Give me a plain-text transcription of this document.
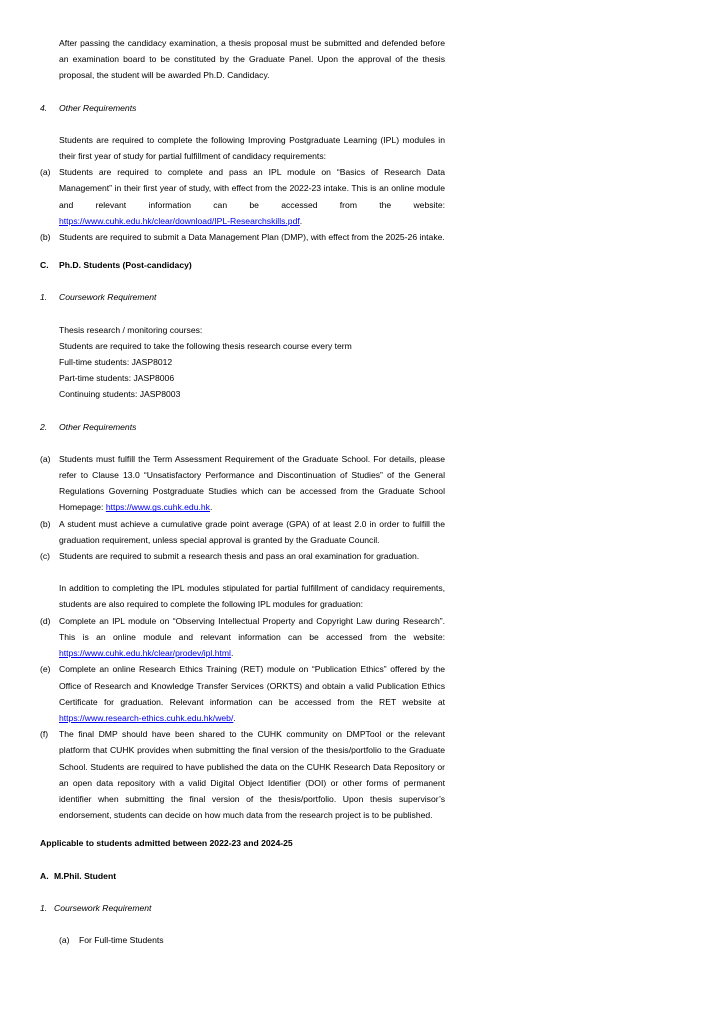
After passing the candidacy examination, a thesis proposal must be submitted and defended before an examination board to be constituted by the Graduate Panel. Upon the approval of the thesis proposal, the student will be awarded Ph.D. Candidacy.

4.	Other Requirements

Students are required to complete the following Improving Postgraduate Learning (IPL) modules in their first year of study for partial fulfillment of candidacy requirements:

(a) Students are required to complete and pass an IPL module on “Basics of Research Data Management” in their first year of study, with effect from the 2022-23 intake. This is an online module and relevant information can be accessed from the website: https://www.cuhk.edu.hk/clear/download/IPL-Researchskills.pdf.
(b) Students are required to submit a Data Management Plan (DMP), with effect from the 2025-26 intake.
C.	Ph.D. Students (Post-candidacy)
1.	Coursework Requirement

Thesis research / monitoring courses:

Students are required to take the following thesis research course every term

Full-time students: JASP8012

Part-time students: JASP8006

Continuing students: JASP8003

2.	Other Requirements
(a) Students must fulfill the Term Assessment Requirement of the Graduate School. For details, please refer to Clause 13.0 “Unsatisfactory Performance and Discontinuation of Studies” of the General Regulations Governing Postgraduate Studies which can be accessed from the Graduate School Homepage: https://www.gs.cuhk.edu.hk.
(b) A student must achieve a cumulative grade point average (GPA) of at least 2.0 in order to fulfill the graduation requirement, unless special approval is granted by the Graduate Council.
(c)	Students are required to submit a research thesis and pass an oral examination for graduation.

In addition to completing the IPL modules stipulated for partial fulfillment of candidacy requirements, students are also required to complete the following IPL modules for graduation:

(d) Complete an IPL module on “Observing Intellectual Property and Copyright Law during Research”. This is an online module and relevant information can be accessed from the website: https://www.cuhk.edu.hk/clear/prodev/ipl.html.
(e) Complete an online Research Ethics Training (RET) module on “Publication Ethics” offered by the Office of Research and Knowledge Transfer Services (ORKTS) and obtain a valid Publication Ethics Certificate for graduation. Relevant information can be accessed from the RET website at https://www.research-ethics.cuhk.edu.hk/web/.
(f)	The final DMP should have been shared to the CUHK community on DMPTool or the relevant platform that CUHK provides when submitting the final version of the thesis/portfolio to the Graduate School. Students are required to have published the data on the CUHK Research Data Repository or an open data repository with a valid Digital Object Identifier (DOI) or other forms of permanent identifier when submitting the final version of the thesis/portfolio. Upon thesis supervisor’s endorsement, students can decide on how much data from the research project is to be published.

Applicable to students admitted between 2022-23 and 2024-25

A. M.Phil. Student
1. Coursework Requirement
(a)	For Full-time Students
